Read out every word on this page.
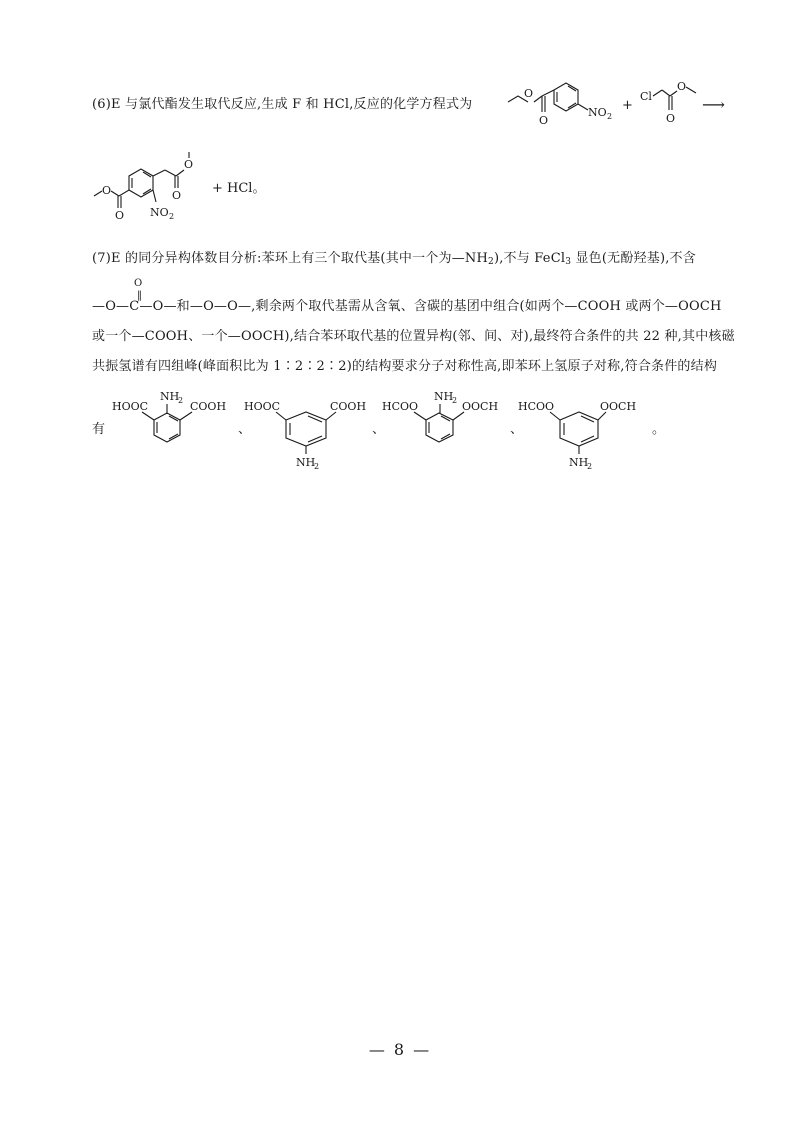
(6)E 与氯代酯发生取代反应,生成 F 和 HCl,反应的化学方程式为
O
O
NO 2
+
Cl
O
O
⟶
O
O NO 2
O
O
+ HCl。
(7)E 的同分异构体数目分析:苯环上有三个取代基(其中一个为$—NH_2$),不与 FeCl$_3$ 显色(无酚羟基),不含
O
‖
—O—C—O—和—O—O—,剩余两个取代基需从含氧、含碳的基团中组合(如两个—COOH 或两个—OOCH
或一个—COOH、一个—OOCH),结合苯环取代基的位置异构(邻、间、对),最终符合条件的共 22 种,其中核磁
共振氢谱有四组峰(峰面积比为 1∶2∶2∶2)的结构要求分子对称性高,即苯环上氢原子对称,符合条件的结构
有
HOOC
NH
2 COOH
、
HOOC	COOH
NH
2
、
HCOO
NH
2 OOCH
、
HCOO	OOCH
NH
2
。
— 8 —
